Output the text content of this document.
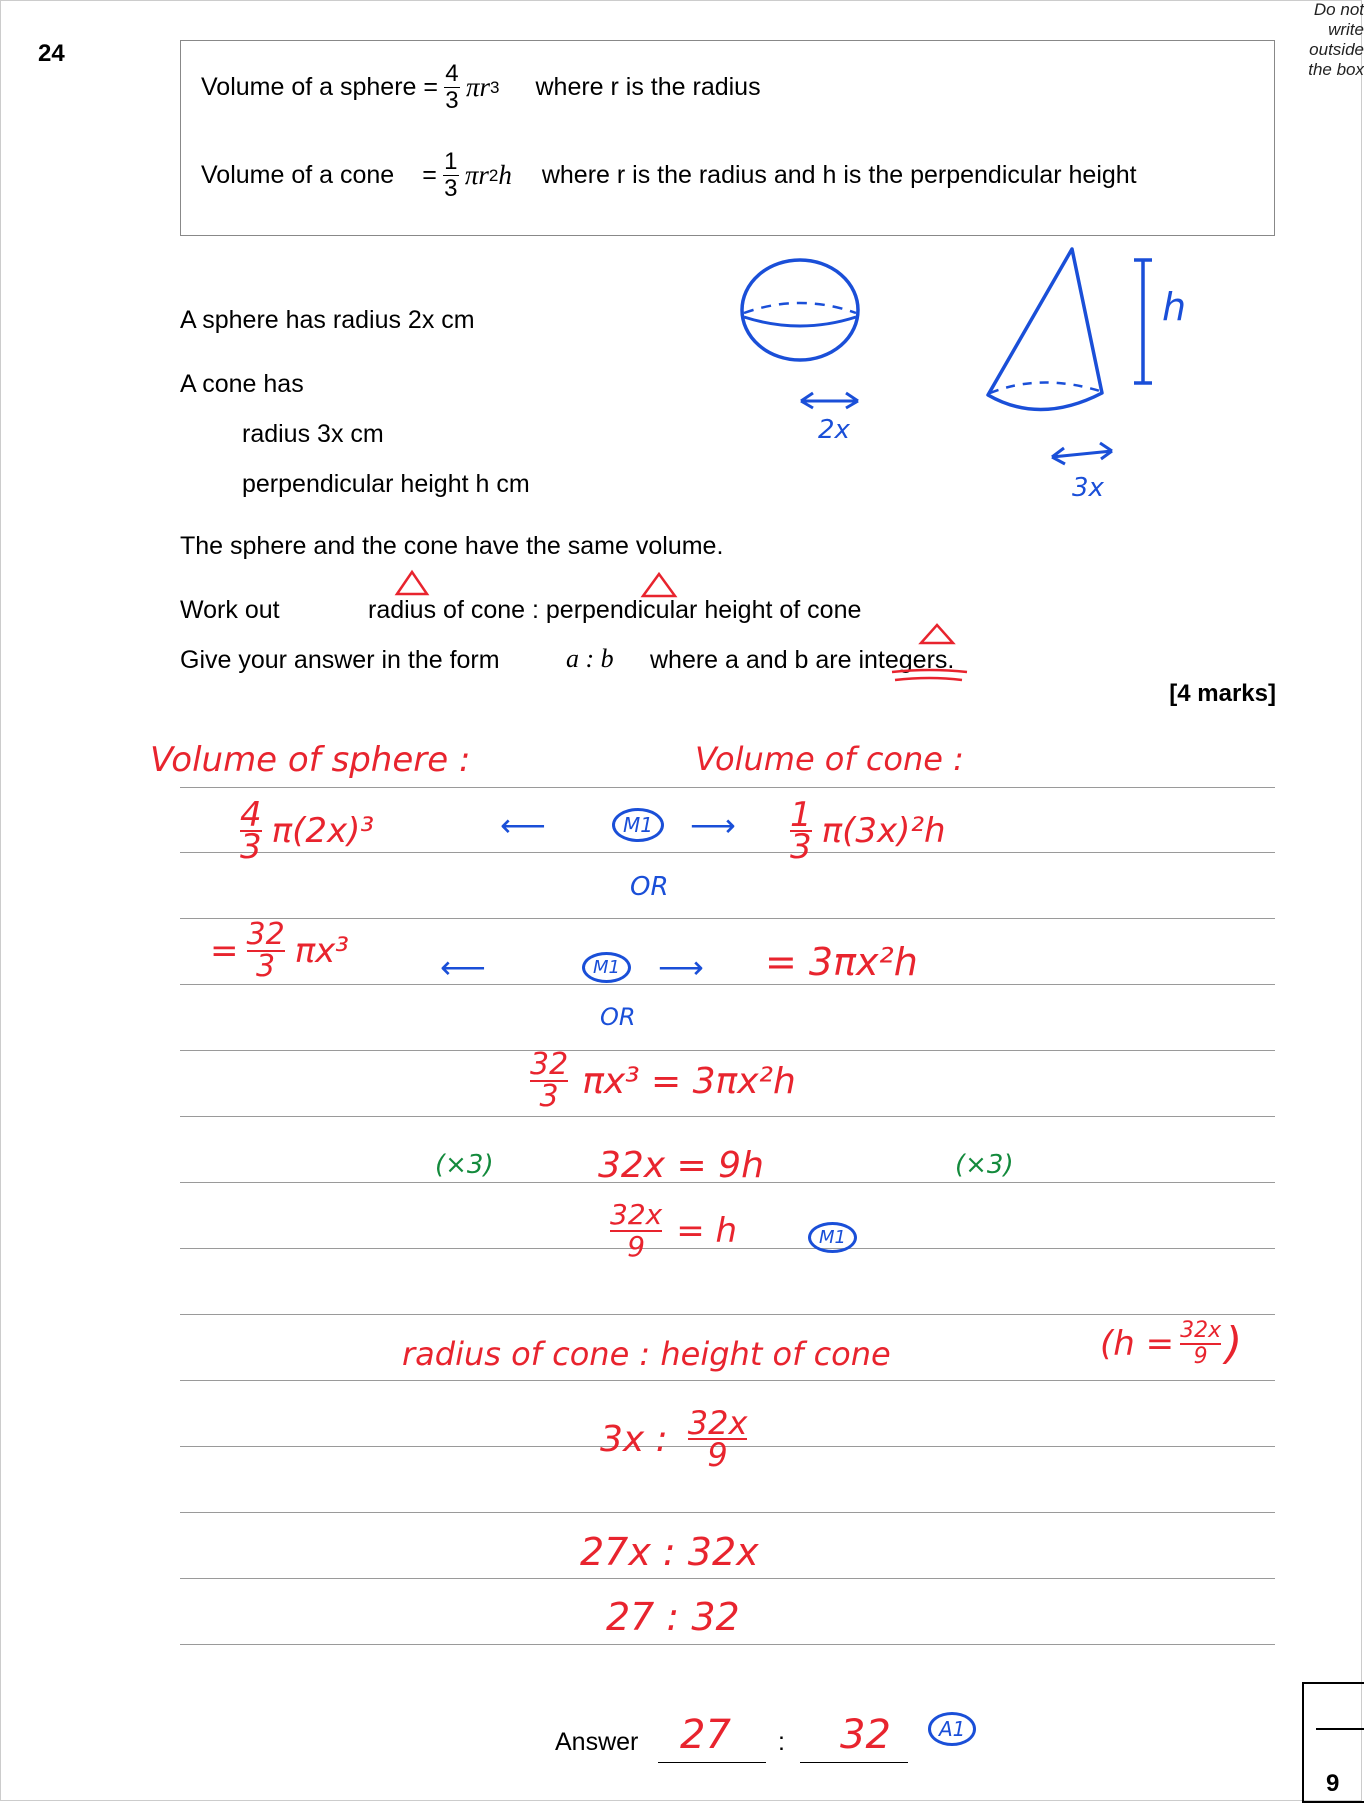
Do not write outside the box
24
Volume of a sphere = $\frac{4}{3}$ πr 3 where r is the radius
Volume of a cone = $\frac{1}{3}$ πr 2 h where r is the radius and h is the perpendicular height
A sphere has radius 2x cm
A cone has
radius 3x cm
perpendicular height h cm
The sphere and the cone have the same volume.
Work out	radius of cone : perpendicular height of cone
Give your answer in the form	a : b where a and b are integers.
[4 marks]
2x
3x
h
Volume of sphere :	Volume of cone :
4
3 π(2x)³	⟵	M1	⟶
OR
1
3 π(3x)²h
= 32
3 πx³	⟵	M1	⟶
OR
= 3πx²h
32
3 πx³ = 3πx²h
(×3)	32x = 9h	(×3)
32x
9 = h	M1
radius of cone : height of cone	(h = 32x
9 )
3x : 32x
9
27x : 32x
27 : 32
Answer	:
27	32	A1
9
